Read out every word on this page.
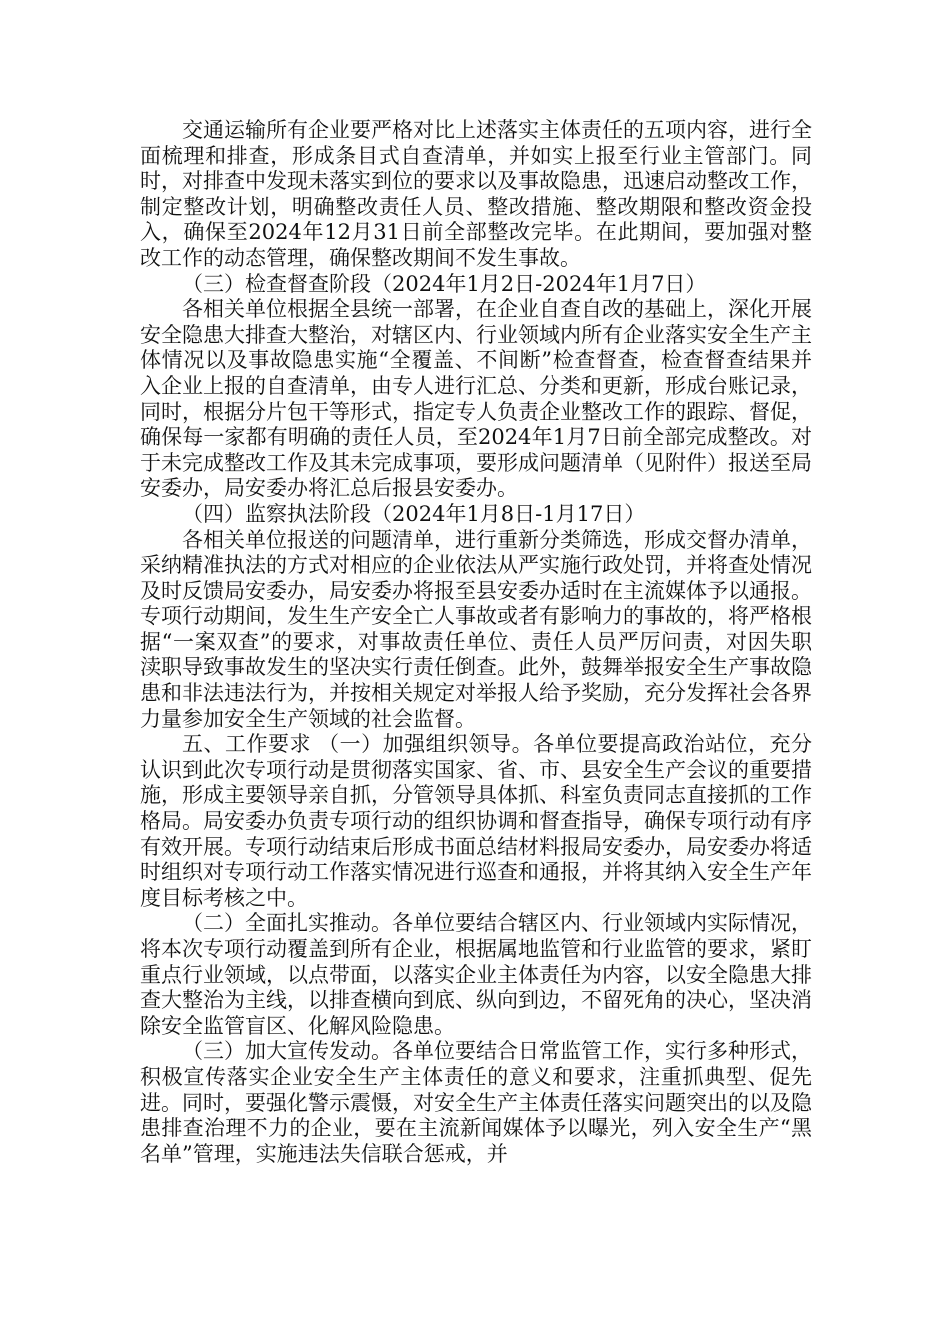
交通运输所有企业要严格对比上述落实主体责任的五项内容，进行全面梳理和排查，形成条目式自查清单，并如实上报至行业主管部门。同时，对排查中发现未落实到位的要求以及事故隐患，迅速启动整改工作，制定整改计划，明确整改责任人员、整改措施、整改期限和整改资金投入，确保至2024年12月31日前全部整改完毕。在此期间，要加强对整改工作的动态管理，确保整改期间不发生事故。

（三）检查督查阶段（2024年1月2日-2024年1月7日）

各相关单位根据全县统一部署，在企业自查自改的基础上，深化开展安全隐患大排查大整治，对辖区内、行业领域内所有企业落实安全生产主体情况以及事故隐患实施“全覆盖、不间断”检查督查，检查督查结果并入企业上报的自查清单，由专人进行汇总、分类和更新，形成台账记录，同时，根据分片包干等形式，指定专人负责企业整改工作的跟踪、督促，确保每一家都有明确的责任人员，至2024年1月7日前全部完成整改。对于未完成整改工作及其未完成事项，要形成问题清单（见附件）报送至局安委办，局安委办将汇总后报县安委办。

（四）监察执法阶段（2024年1月8日-1月17日）

各相关单位报送的问题清单，进行重新分类筛选，形成交督办清单，采纳精准执法的方式对相应的企业依法从严实施行政处罚，并将查处情况及时反馈局安委办，局安委办将报至县安委办适时在主流媒体予以通报。专项行动期间，发生生产安全亡人事故或者有影响力的事故的，将严格根据“一案双查”的要求，对事故责任单位、责任人员严厉问责，对因失职渎职导致事故发生的坚决实行责任倒查。此外，鼓舞举报安全生产事故隐患和非法违法行为，并按相关规定对举报人给予奖励，充分发挥社会各界力量参加安全生产领域的社会监督。

五、工作要求 （一）加强组织领导。各单位要提高政治站位，充分认识到此次专项行动是贯彻落实国家、省、市、县安全生产会议的重要措施，形成主要领导亲自抓，分管领导具体抓、科室负责同志直接抓的工作格局。局安委办负责专项行动的组织协调和督查指导，确保专项行动有序有效开展。专项行动结束后形成书面总结材料报局安委办，局安委办将适时组织对专项行动工作落实情况进行巡查和通报，并将其纳入安全生产年度目标考核之中。

（二）全面扎实推动。各单位要结合辖区内、行业领域内实际情况，将本次专项行动覆盖到所有企业，根据属地监管和行业监管的要求，紧盯重点行业领域，以点带面，以落实企业主体责任为内容，以安全隐患大排查大整治为主线，以排查横向到底、纵向到边，不留死角的决心，坚决消除安全监管盲区、化解风险隐患。

（三）加大宣传发动。各单位要结合日常监管工作，实行多种形式，积极宣传落实企业安全生产主体责任的意义和要求，注重抓典型、促先进。同时，要强化警示震慑，对安全生产主体责任落实问题突出的以及隐患排查治理不力的企业，要在主流新闻媒体予以曝光，列入安全生产“黑名单”管理，实施违法失信联合惩戒，并
